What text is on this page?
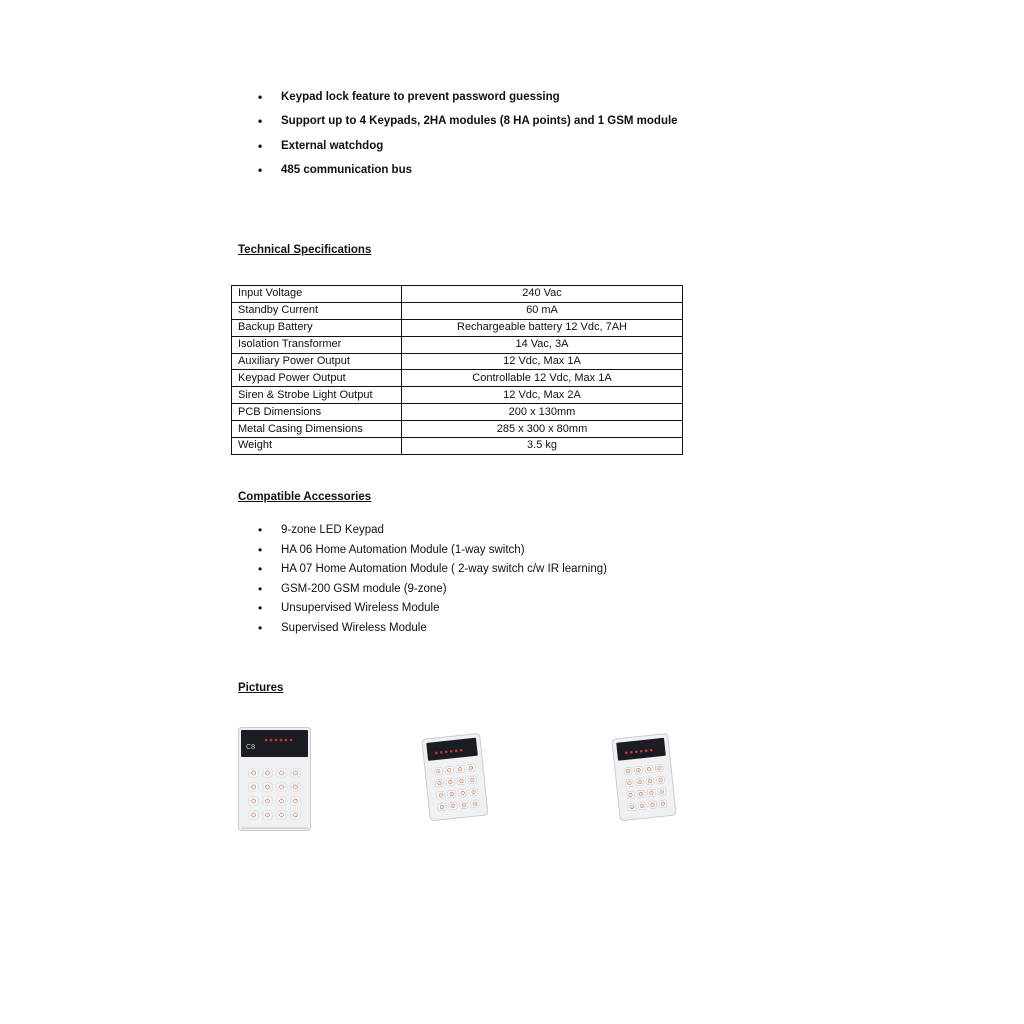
• Keypad lock feature to prevent password guessing
• Support up to 4 Keypads, 2HA modules (8 HA points) and 1 GSM module
• External watchdog
• 485 communication bus
Technical Specifications
Input Voltage	240 Vac
Standby Current	60 mA
Backup Battery	Rechargeable battery 12 Vdc, 7AH
Isolation Transformer	14 Vac, 3A
Auxiliary Power Output	12 Vdc, Max 1A
Keypad Power Output	Controllable 12 Vdc, Max 1A
Siren & Strobe Light Output	12 Vdc, Max 2A
PCB Dimensions	200 x 130mm
Metal Casing Dimensions	285 x 300 x 80mm
Weight	3.5 kg
Compatible Accessories
• 9-zone LED Keypad
• HA 06 Home Automation Module (1-way switch)
• HA 07 Home Automation Module ( 2-way switch c/w IR learning)
• GSM-200 GSM module (9-zone)
• Unsupervised Wireless Module
• Supervised Wireless Module
Pictures
C8
